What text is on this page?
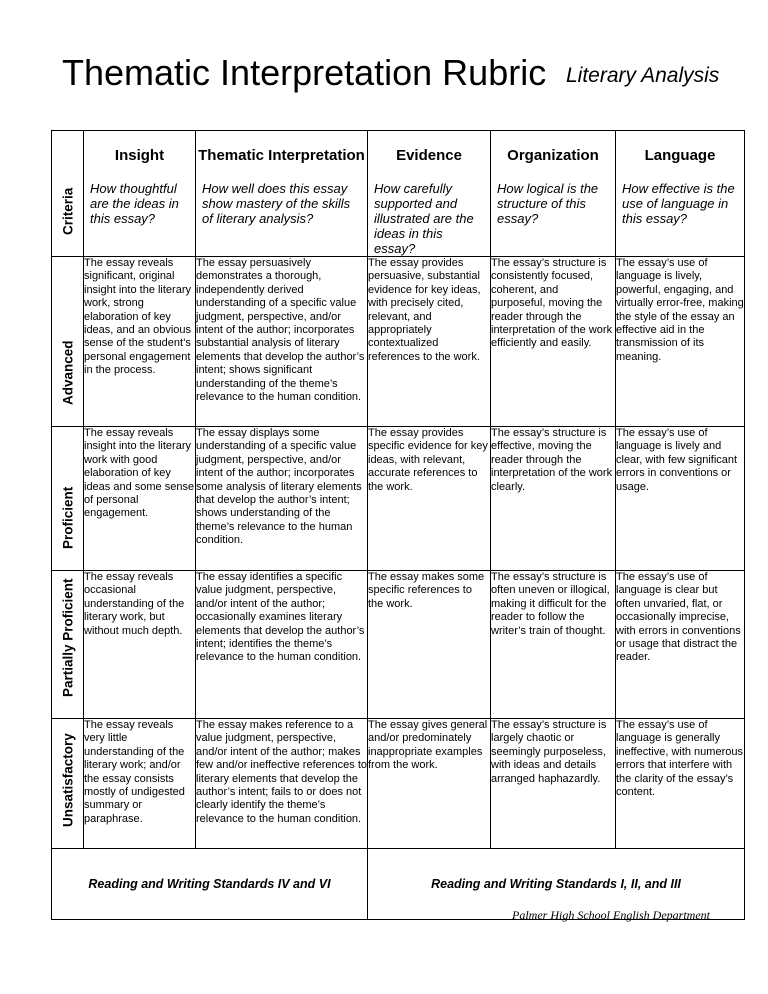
Thematic Interpretation Rubric Literary Analysis
Criteria	Insight	Thematic Interpretation	Evidence	Organization	Language
	How thoughtful are the ideas in this essay?	How well does this essay show mastery of the skills of literary analysis?	How carefully supported and illustrated are the ideas in this essay?	How logical is the structure of this essay?	How effective is the use of language in this essay?

Advanced	The essay reveals significant, original insight into the literary work, strong elaboration of key ideas, and an obvious sense of the student’s personal engagement in the process.	The essay persuasively demonstrates a thorough, independently derived understanding of a specific value judgment, perspective, and/or intent of the author; incorporates substantial analysis of literary elements that develop the author’s intent; shows significant understanding of the theme’s relevance to the human condition.	The essay provides persuasive, substantial evidence for key ideas, with precisely cited, relevant, and appropriately contextualized references to the work.	The essay’s structure is consistently focused, coherent, and purposeful, moving the reader through the interpretation of the work efficiently and easily.	The essay’s use of language is lively, powerful, engaging, and virtually error-free, making the style of the essay an effective aid in the transmission of its meaning.

Proficient	The essay reveals insight into the literary work with good elaboration of key ideas and some sense of personal engagement.	The essay displays some understanding of a specific value judgment, perspective, and/or intent of the author; incorporates some analysis of literary elements that develop the author’s intent; shows understanding of the theme’s relevance to the human condition.	The essay provides specific evidence for key ideas, with relevant, accurate references to the work.	The essay’s structure is effective, moving the reader through the interpretation of the work clearly.	The essay’s use of language is lively and clear, with few significant errors in conventions or usage.

Partially Proficient	The essay reveals occasional understanding of the literary work, but without much depth.	The essay identifies a specific value judgment, perspective, and/or intent of the author; occasionally examines literary elements that develop the author’s intent; identifies the theme’s relevance to the human condition.	The essay makes some specific references to the work.	The essay’s structure is often uneven or illogical, making it difficult for the reader to follow the writer’s train of thought.	The essay’s use of language is clear but often unvaried, flat, or occasionally imprecise, with errors in conventions or usage that distract the reader.

Unsatisfactory	The essay reveals very little understanding of the literary work; and/or the essay consists mostly of undigested summary or paraphrase.	The essay makes reference to a value judgment, perspective, and/or intent of the author; makes few and/or ineffective references to literary elements that develop the author’s intent; fails to or does not clearly identify the theme’s relevance to the human condition.	The essay gives general and/or predominately inappropriate examples from the work.	The essay’s structure is largely chaotic or seemingly purposeless, with ideas and details arranged haphazardly.	The essay’s use of language is generally ineffective, with numerous errors that interfere with the clarity of the essay’s content.

Reading and Writing Standards IV and VI			Reading and Writing Standards I, II, and III		
Palmer High School English Department
